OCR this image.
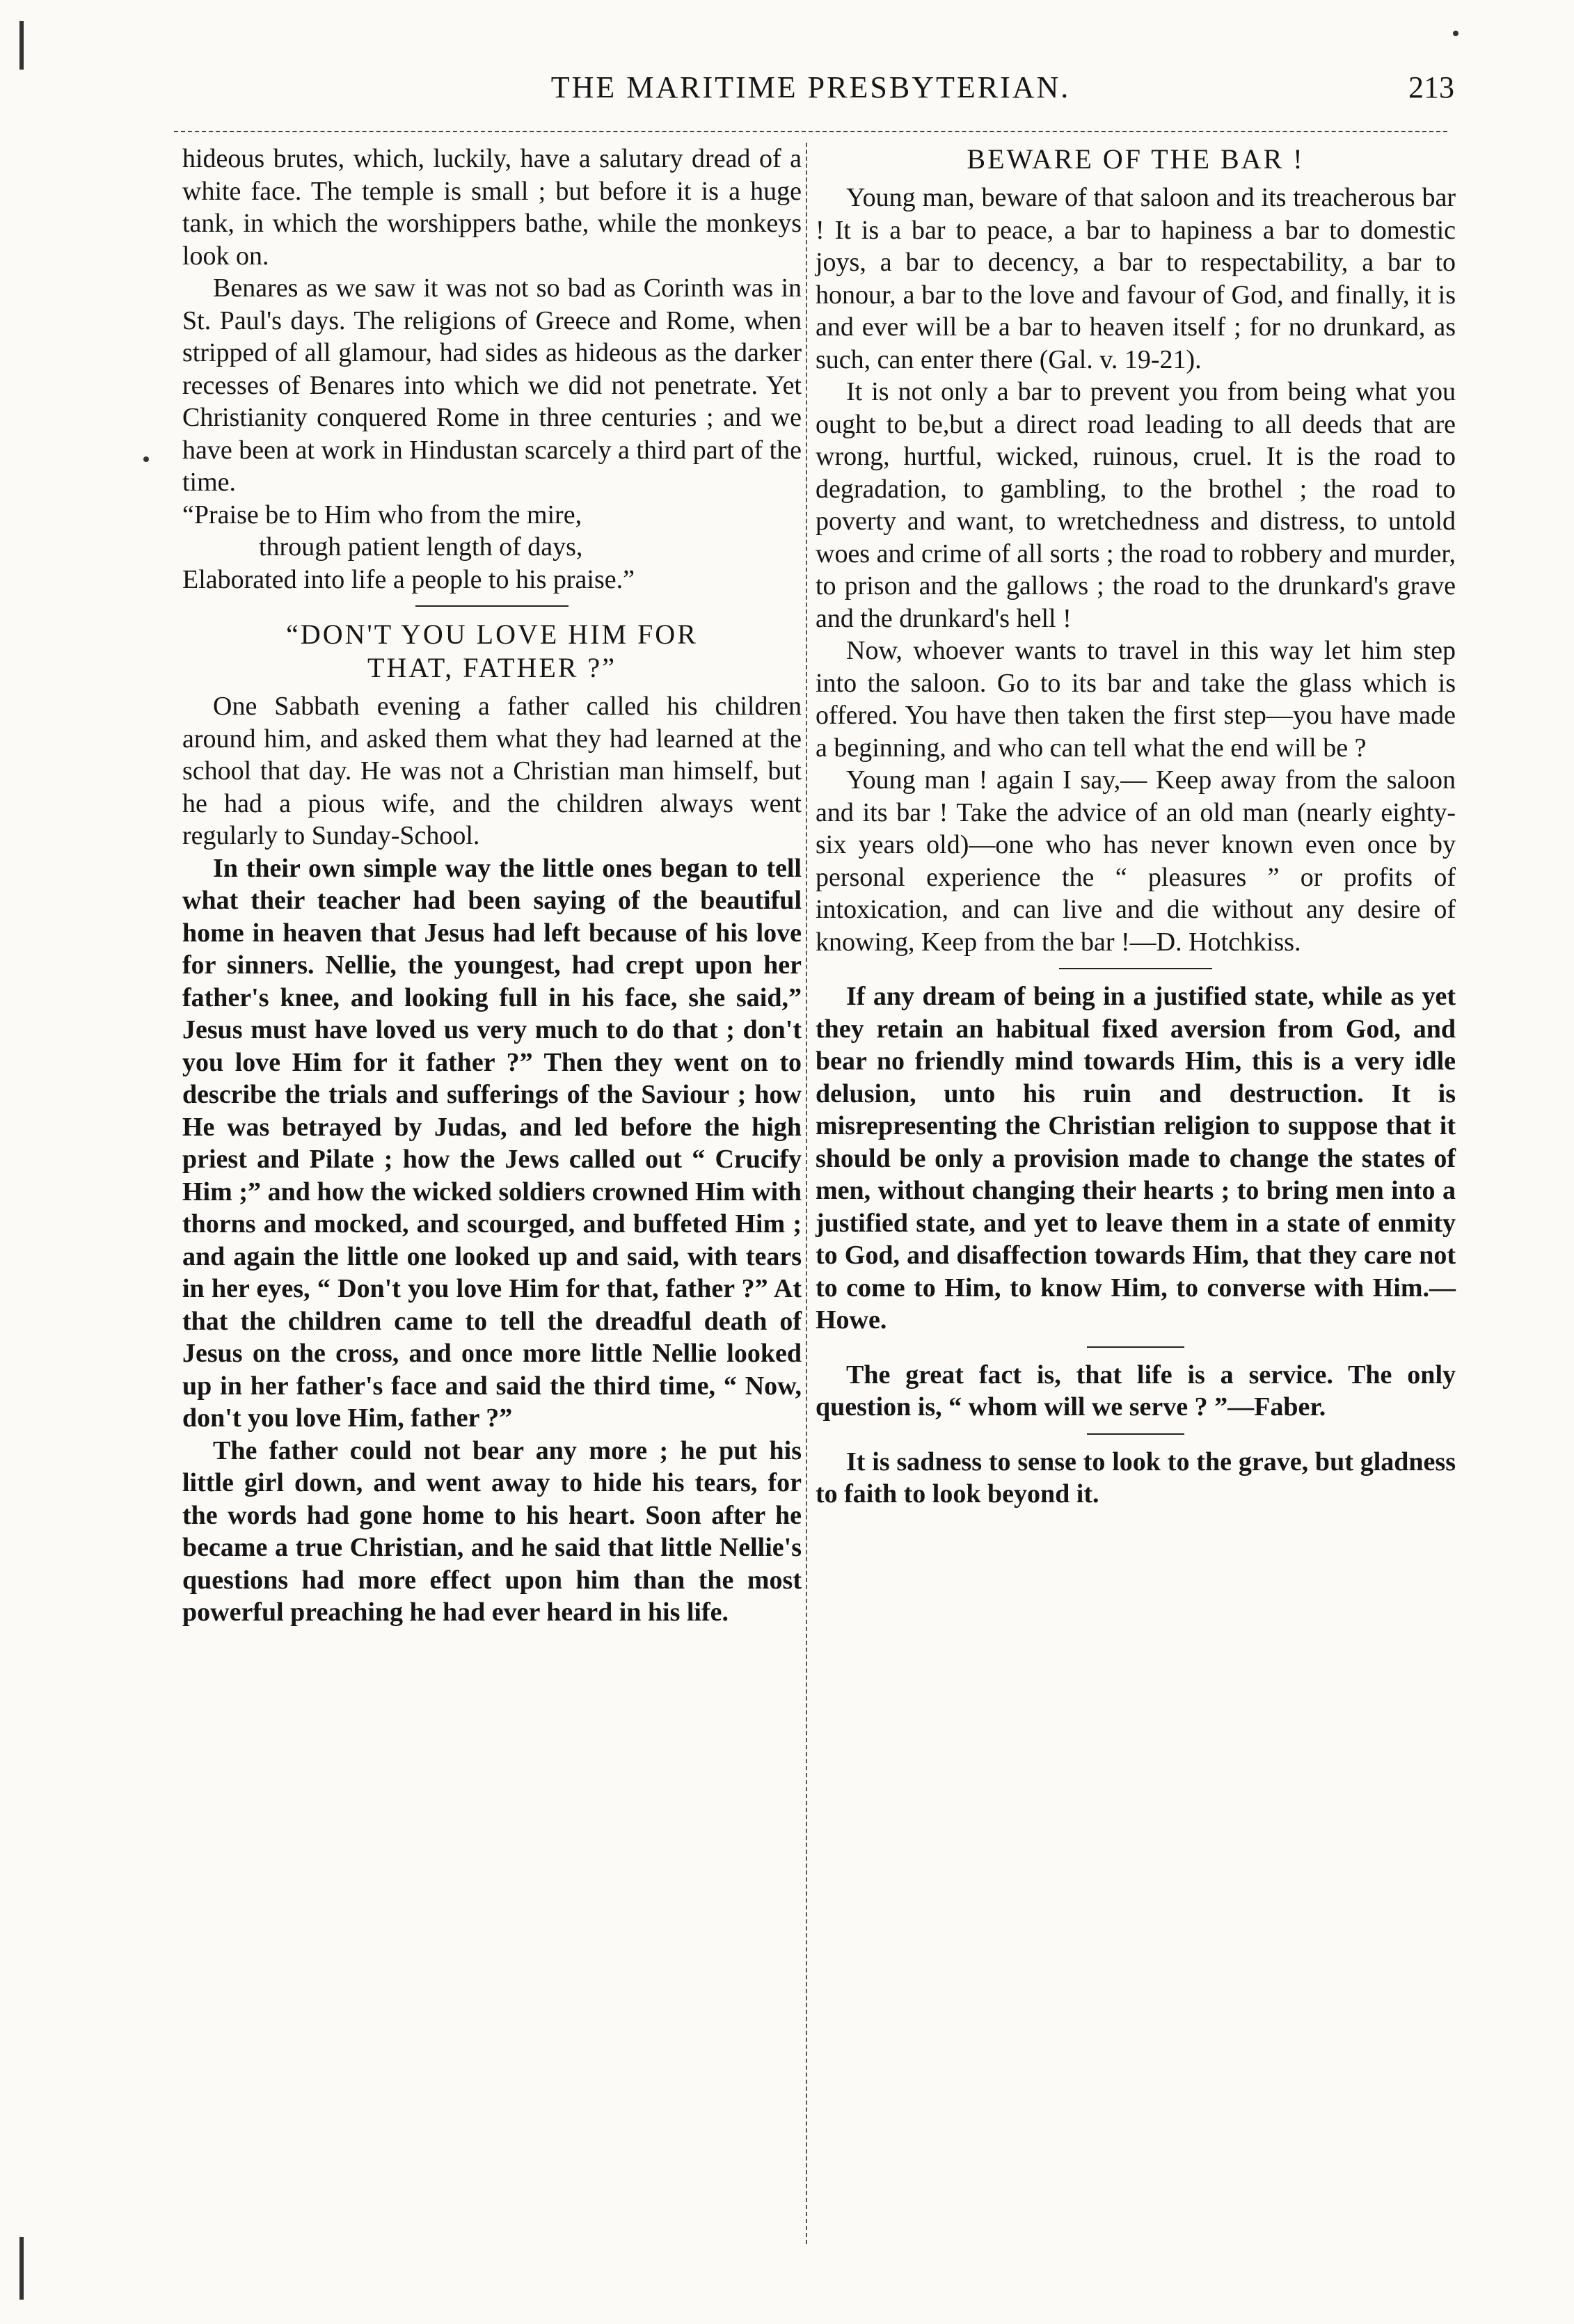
THE MARITIME PRESBYTERIAN.	213

hideous brutes, which, luckily, have a salutary dread of a white face. The temple is small ; but before it is a huge tank, in which the worshippers bathe, while the monkeys look on.

Benares as we saw it was not so bad as Corinth was in St. Paul's days. The religions of Greece and Rome, when stripped of all glamour, had sides as hideous as the darker recesses of Benares into which we did not penetrate. Yet Christianity conquered Rome in three centuries ; and we have been at work in Hindustan scarcely a third part of the time.

“Praise be to Him who from the mire,
through patient length of days,
Elaborated into life a people to his praise.”
“DON'T YOU LOVE HIM FOR
THAT, FATHER ?”

One Sabbath evening a father called his children around him, and asked them what they had learned at the school that day. He was not a Christian man himself, but he had a pious wife, and the children always went regularly to Sunday-School.

In their own simple way the little ones began to tell what their teacher had been saying of the beautiful home in heaven that Jesus had left because of his love for sinners. Nellie, the youngest, had crept upon her father's knee, and looking full in his face, she said,” Jesus must have loved us very much to do that ; don't you love Him for it father ?” Then they went on to describe the trials and sufferings of the Saviour ; how He was betrayed by Judas, and led before the high priest and Pilate ; how the Jews called out “ Crucify Him ;” and how the wicked soldiers crowned Him with thorns and mocked, and scourged, and buffeted Him ; and again the little one looked up and said, with tears in her eyes, “ Don't you love Him for that, father ?” At that the children came to tell the dreadful death of Jesus on the cross, and once more little Nellie looked up in her father's face and said the third time, “ Now, don't you love Him, father ?”

The father could not bear any more ; he put his little girl down, and went away to hide his tears, for the words had gone home to his heart. Soon after he became a true Christian, and he said that little Nellie's questions had more effect upon him than the most powerful preaching he had ever heard in his life.

BEWARE OF THE BAR !

Young man, beware of that saloon and its treacherous bar ! It is a bar to peace, a bar to hapiness a bar to domestic joys, a bar to decency, a bar to respectability, a bar to honour, a bar to the love and favour of God, and finally, it is and ever will be a bar to heaven itself ; for no drunkard, as such, can enter there (Gal. v. 19-21).

It is not only a bar to prevent you from being what you ought to be,but a direct road leading to all deeds that are wrong, hurtful, wicked, ruinous, cruel. It is the road to degradation, to gambling, to the brothel ; the road to poverty and want, to wretchedness and distress, to untold woes and crime of all sorts ; the road to robbery and murder, to prison and the gallows ; the road to the drunkard's grave and the drunkard's hell !

Now, whoever wants to travel in this way let him step into the saloon. Go to its bar and take the glass which is offered. You have then taken the first step—you have made a beginning, and who can tell what the end will be ?

Young man ! again I say,— Keep away from the saloon and its bar ! Take the advice of an old man (nearly eighty-six years old)—one who has never known even once by personal experience the “ pleasures ” or profits of intoxication, and can live and die without any desire of knowing, Keep from the bar !—D. Hotchkiss.

If any dream of being in a justified state, while as yet they retain an habitual fixed aversion from God, and bear no friendly mind towards Him, this is a very idle delusion, unto his ruin and destruction. It is misrepresenting the Christian religion to suppose that it should be only a provision made to change the states of men, without changing their hearts ; to bring men into a justified state, and yet to leave them in a state of enmity to God, and disaffection towards Him, that they care not to come to Him, to know Him, to converse with Him.—Howe.

The great fact is, that life is a service. The only question is, “ whom will we serve ? ”—Faber.

It is sadness to sense to look to the grave, but gladness to faith to look beyond it.
